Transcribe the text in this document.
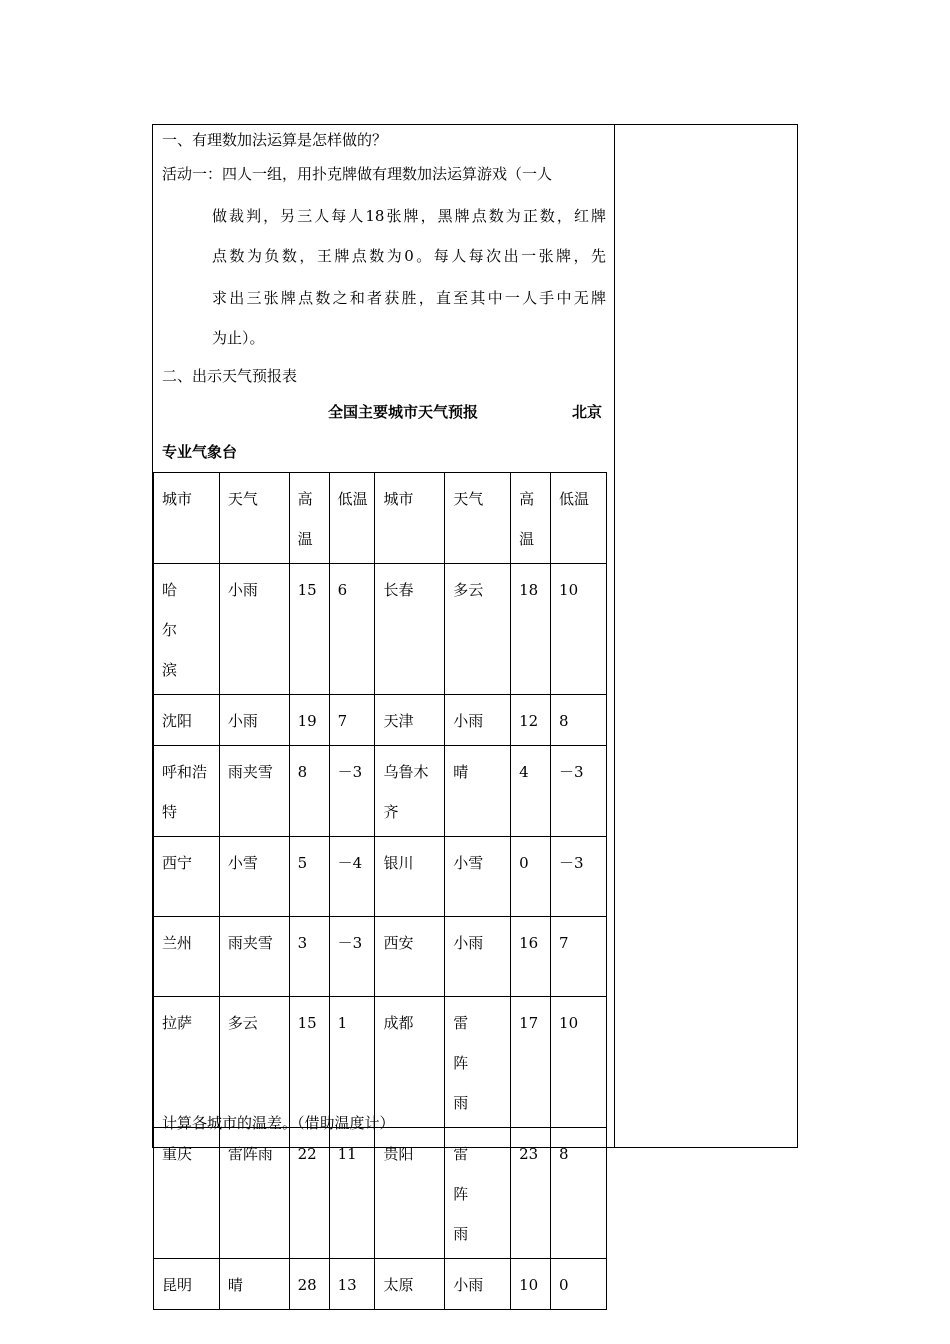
一、有理数加法运算是怎样做的？
活动一：四人一组，用扑克牌做有理数加法运算游戏（一人
做裁判，另三人每人18张牌，黑牌点数为正数，红牌
点数为负数，王牌点数为0。每人每次出一张牌，先
求出三张牌点数之和者获胜，直至其中一人手中无牌
为止）。
二、出示天气预报表
全国主要城市天气预报	北京
专业气象台
城市	天气	高温	低温	城市	天气	高温	低温
哈尔滨	小雨	15	6	长春	多云	18	10
沈阳	小雨	19	7	天津	小雨	12	8
呼和浩特	雨夹雪	8	－3	乌鲁木齐	晴	4	－3
西宁	小雪	5	－4	银川	小雪	0	－3
兰州	雨夹雪	3	－3	西安	小雨	16	7
拉萨	多云	15	1	成都	雷阵雨	17	10
重庆	雷阵雨	22	11	贵阳	雷阵雨	23	8
昆明	晴	28	13	太原	小雨	10	0
计算各城市的温差。（借助温度计）
